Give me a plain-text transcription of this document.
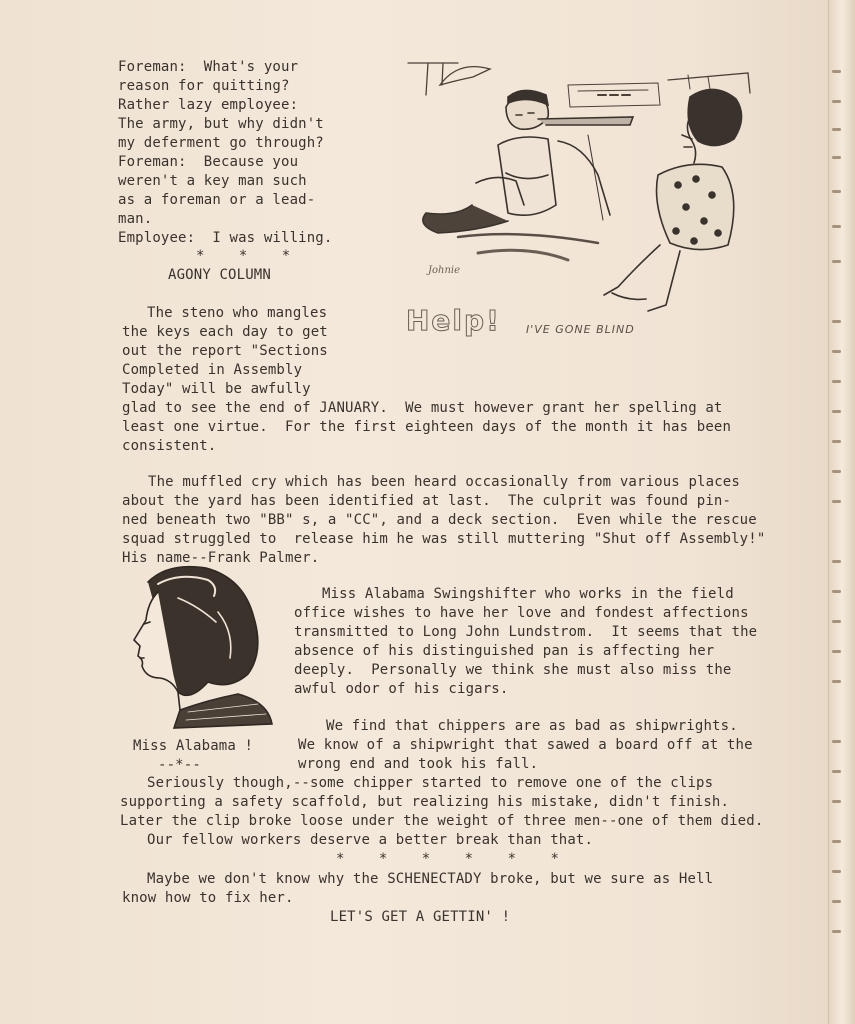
Foreman:  What's your

reason for quitting?

Rather lazy employee:

The army, but why didn't

my deferment go through?

Foreman:  Because you

weren't a key man such

as a foreman or a lead-

man.

Employee:  I was willing.

*    *    *

AGONY COLUMN	Johnie
Help! I'VE GONE BLIND

The steno who mangles

the keys each day to get

out the report "Sections

Completed in Assembly

Today" will be awfully

glad to see the end of JANUARY.  We must however grant her spelling at

least one virtue.  For the first eighteen days of the month it has been

consistent.

The muffled cry which has been heard occasionally from various places

about the yard has been identified at last.  The culprit was found pin-

ned beneath two "BB" s, a "CC", and a deck section.  Even while the rescue

squad struggled to  release him he was still muttering "Shut off Assembly!"

His name--Frank Palmer.

Miss Alabama Swingshifter who works in the field

office wishes to have her love and fondest affections

transmitted to Long John Lundstrom.  It seems that the

absence of his distinguished pan is affecting her

deeply.  Personally we think she must also miss the

awful odor of his cigars.

Miss Alabama !

--*--

We find that chippers are as bad as shipwrights.

We know of a shipwright that sawed a board off at the

wrong end and took his fall.

Seriously though,--some chipper started to remove one of the clips

supporting a safety scaffold, but realizing his mistake, didn't finish.

Later the clip broke loose under the weight of three men--one of them died.

Our fellow workers deserve a better break than that.

*    *    *    *    *    *

Maybe we don't know why the SCHENECTADY broke, but we sure as Hell

know how to fix her.

LET'S GET A GETTIN' !
